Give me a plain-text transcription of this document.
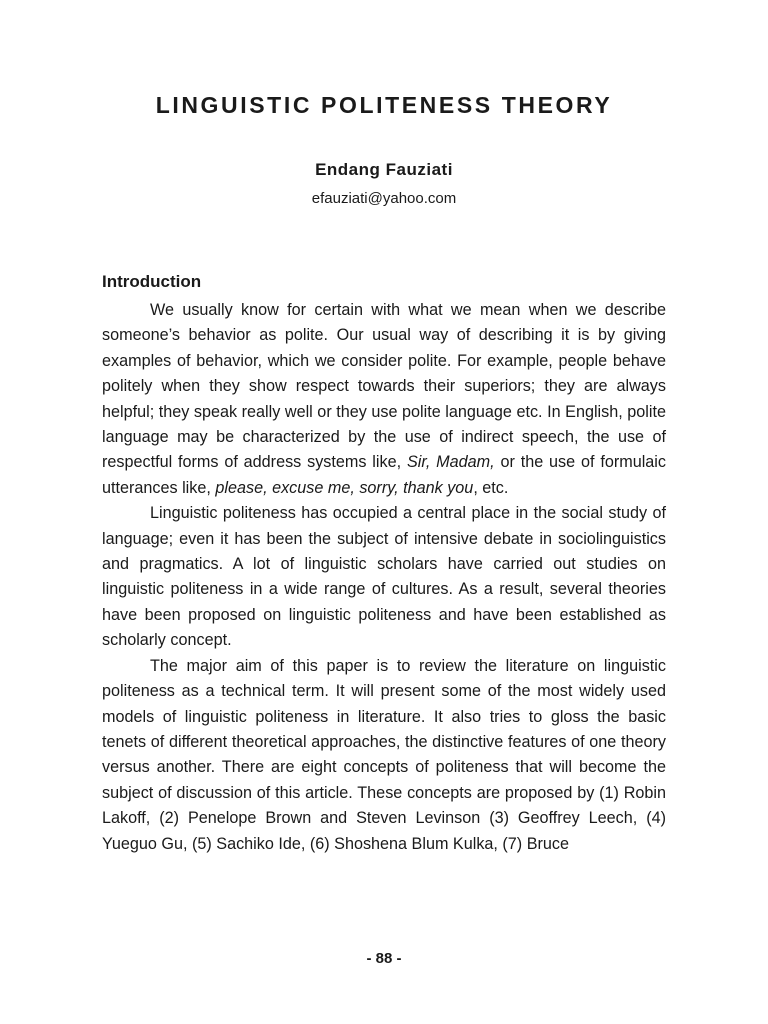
LINGUISTIC POLITENESS THEORY
Endang Fauziati
efauziati@yahoo.com
Introduction

We usually know for certain with what we mean when we describe someone’s behavior as polite. Our usual way of describing it is by giving examples of behavior, which we consider polite. For example, people behave politely when they show respect towards their superiors; they are always helpful; they speak really well or they use polite language etc. In English, polite language may be characterized by the use of indirect speech, the use of respectful forms of address systems like, Sir, Madam, or the use of formulaic utterances like, please, excuse me, sorry, thank you, etc.

Linguistic politeness has occupied a central place in the social study of language; even it has been the subject of intensive debate in sociolinguistics and pragmatics. A lot of linguistic scholars have carried out studies on linguistic politeness in a wide range of cultures. As a result, several theories have been proposed on linguistic politeness and have been established as scholarly concept.

The major aim of this paper is to review the literature on linguistic politeness as a technical term. It will present some of the most widely used models of linguistic politeness in literature. It also tries to gloss the basic tenets of different theoretical approaches, the distinctive features of one theory versus another. There are eight concepts of politeness that will become the subject of discussion of this article. These concepts are proposed by (1) Robin Lakoff, (2) Penelope Brown and Steven Levinson (3) Geoffrey Leech, (4) Yueguo Gu, (5) Sachiko Ide, (6) Shoshena Blum Kulka, (7) Bruce

- 88 -
